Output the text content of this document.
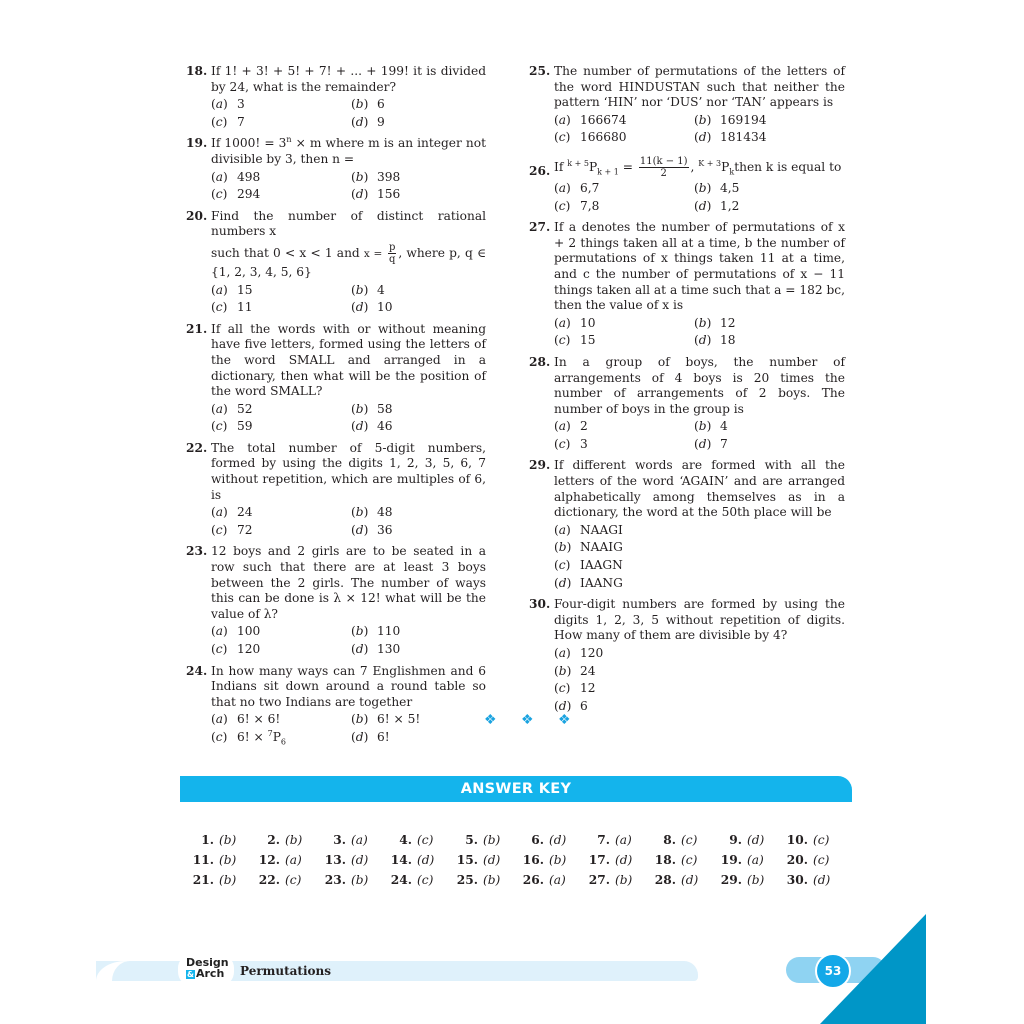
18. If 1! + 3! + 5! + 7! + ... + 199! it is divided by 24, what is the remainder?
( a ) 3	( b ) 6
( c ) 7	( d ) 9
19. If 1000! = $3^n \times m$ where m is an integer not divisible by 3, then n =
( a ) 498	( b ) 398
( c ) 294	( d ) 156
20. Find the number of distinct rational numbers x
such that 0 < x < 1 and $x = \frac{p}{q}$ , where p, q ∈ {1, 2, 3, 4, 5, 6}
( a ) 15	( b ) 4
( c ) 11	( d ) 10
21. If all the words with or without meaning have five letters, formed using the letters of the word SMALL and arranged in a dictionary, then what will be the position of the word SMALL?
( a ) 52	( b ) 58
( c ) 59	( d ) 46
22. The total number of 5-digit numbers, formed by using the digits 1, 2, 3, 5, 6, 7 without repetition, which are multiples of 6, is
( a ) 24	( b ) 48
( c ) 72	( d ) 36
23. 12 boys and 2 girls are to be seated in a row such that there are at least 3 boys between the 2 girls. The number of ways this can be done is λ × 12! what will be the value of λ?
( a ) 100	( b ) 110
( c ) 120	( d ) 130
24. In how many ways can 7 Englishmen and 6 Indians sit down around a round table so that no two Indians are together
( a ) 6! × 6!	( b ) 6! × 5!
( c ) 6! × $^7P_6$	( d ) 6!
25. The number of permutations of the letters of the word HINDUSTAN such that neither the pattern ‘HIN’ nor ‘DUS’ nor ‘TAN’ appears is
( a ) 166674	( b ) 169194
( c ) 166680	( d ) 181434
26. If $^{k + 5}P_{k + 1} = \frac{11(k - 1)}{2}$ , $^{K + 3}P_kthen$ k is equal to
( a ) 6,7	( b ) 4,5
( c ) 7,8	( d ) 1,2
27. If a denotes the number of permutations of x + 2 things taken all at a time, b the number of permutations of x things taken 11 at a time, and c the number of permutations of x − 11 things taken all at a time such that a = 182 bc, then the value of x is
( a ) 10	( b ) 12
( c ) 15	( d ) 18
28. In a group of boys, the number of arrangements of 4 boys is 20 times the number of arrangements of 2 boys. The number of boys in the group is
( a ) 2	( b ) 4
( c ) 3	( d ) 7
29. If different words are formed with all the letters of the word ‘AGAIN’ and are arranged alphabetically among themselves as in a dictionary, the word at the 50th place will be
( a ) NAAGI
( b ) NAAIG
( c ) IAAGN
( d ) IAANG
30. Four-digit numbers are formed by using the digits 1, 2, 3, 5 without repetition of digits. How many of them are divisible by 4?
( a ) 120
( b ) 24
( c ) 12
( d ) 6
❖ ❖ ❖
ANSWER KEY
1. (b)	2. (b)	3. (a)	4. (c)	5. (b)	6. (d)	7. (a)	8. (c)	9. (d)	10. (c)
11. (b)	12. (a)	13. (d)	14. (d)	15. (d)	16. (b)	17. (d)	18. (c)	19. (a)	20. (c)
21. (b)	22. (c)	23. (b)	24. (c)	25. (b)	26. (a)	27. (b)	28. (d)	29. (b)	30. (d)
Design
& Arch	Permutations	53
